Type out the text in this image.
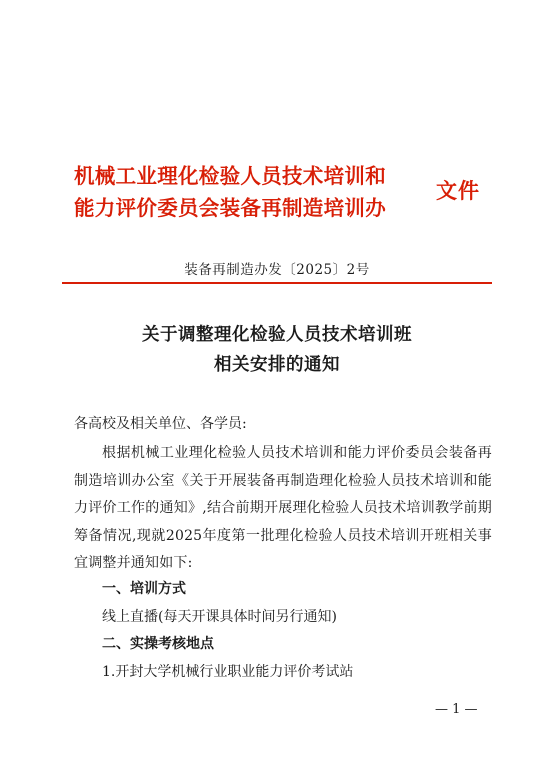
机械工业理化检验人员技术培训和
能力评价委员会装备再制造培训办
文件
装备再制造办发〔2025〕2号
关于调整理化检验人员技术培训班
相关安排的通知
各高校及相关单位、各学员:

根据机械工业理化检验人员技术培训和能力评价委员会装备再制造培训办公室《关于开展装备再制造理化检验人员技术培训和能力评价工作的通知》,结合前期开展理化检验人员技术培训教学前期筹备情况,现就2025年度第一批理化检验人员技术培训开班相关事宜调整并通知如下:

一、培训方式
线上直播(每天开课具体时间另行通知)
二、实操考核地点
1.开封大学机械行业职业能力评价考试站
— 1 —
